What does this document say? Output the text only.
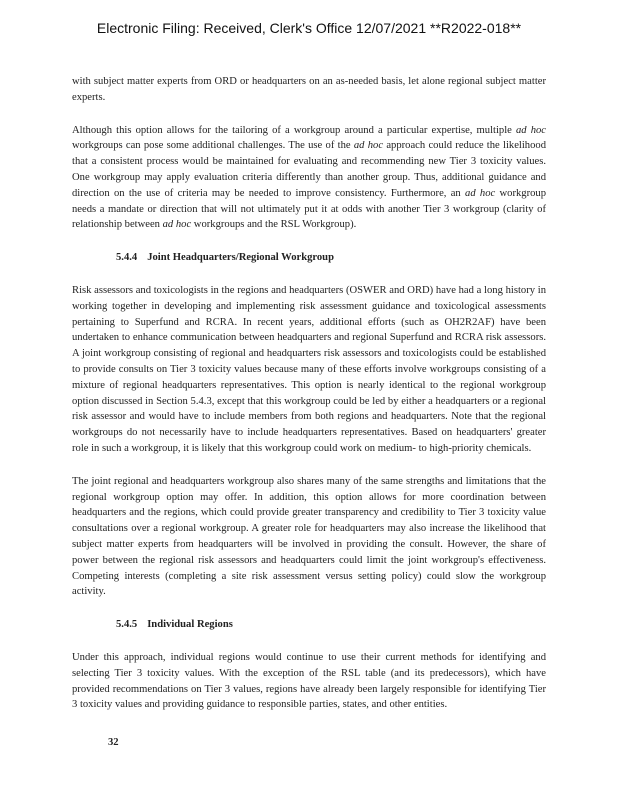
Electronic Filing: Received, Clerk's Office 12/07/2021 **R2022-018**

with subject matter experts from ORD or headquarters on an as-needed basis, let alone regional subject matter experts.

Although this option allows for the tailoring of a workgroup around a particular expertise, multiple ad hoc workgroups can pose some additional challenges. The use of the ad hoc approach could reduce the likelihood that a consistent process would be maintained for evaluating and recommending new Tier 3 toxicity values. One workgroup may apply evaluation criteria differently than another group. Thus, additional guidance and direction on the use of criteria may be needed to improve consistency. Furthermore, an ad hoc workgroup needs a mandate or direction that will not ultimately put it at odds with another Tier 3 workgroup (clarity of relationship between ad hoc workgroups and the RSL Workgroup).

5.4.4 Joint Headquarters/Regional Workgroup

Risk assessors and toxicologists in the regions and headquarters (OSWER and ORD) have had a long history in working together in developing and implementing risk assessment guidance and toxicological assessments pertaining to Superfund and RCRA. In recent years, additional efforts (such as OH2R2AF) have been undertaken to enhance communication between headquarters and regional Superfund and RCRA risk assessors. A joint workgroup consisting of regional and headquarters risk assessors and toxicologists could be established to provide consults on Tier 3 toxicity values because many of these efforts involve workgroups consisting of a mixture of regional headquarters representatives. This option is nearly identical to the regional workgroup option discussed in Section 5.4.3, except that this workgroup could be led by either a headquarters or a regional risk assessor and would have to include members from both regions and headquarters. Note that the regional workgroups do not necessarily have to include headquarters representatives. Based on headquarters' greater role in such a workgroup, it is likely that this workgroup could work on medium- to high-priority chemicals.

The joint regional and headquarters workgroup also shares many of the same strengths and limitations that the regional workgroup option may offer. In addition, this option allows for more coordination between headquarters and the regions, which could provide greater transparency and credibility to Tier 3 toxicity value consultations over a regional workgroup. A greater role for headquarters may also increase the likelihood that subject matter experts from headquarters will be involved in providing the consult. However, the share of power between the regional risk assessors and headquarters could limit the joint workgroup's effectiveness. Competing interests (completing a site risk assessment versus setting policy) could slow the workgroup activity.

5.4.5 Individual Regions

Under this approach, individual regions would continue to use their current methods for identifying and selecting Tier 3 toxicity values. With the exception of the RSL table (and its predecessors), which have provided recommendations on Tier 3 values, regions have already been largely responsible for identifying Tier 3 toxicity values and providing guidance to responsible parties, states, and other entities.

32
